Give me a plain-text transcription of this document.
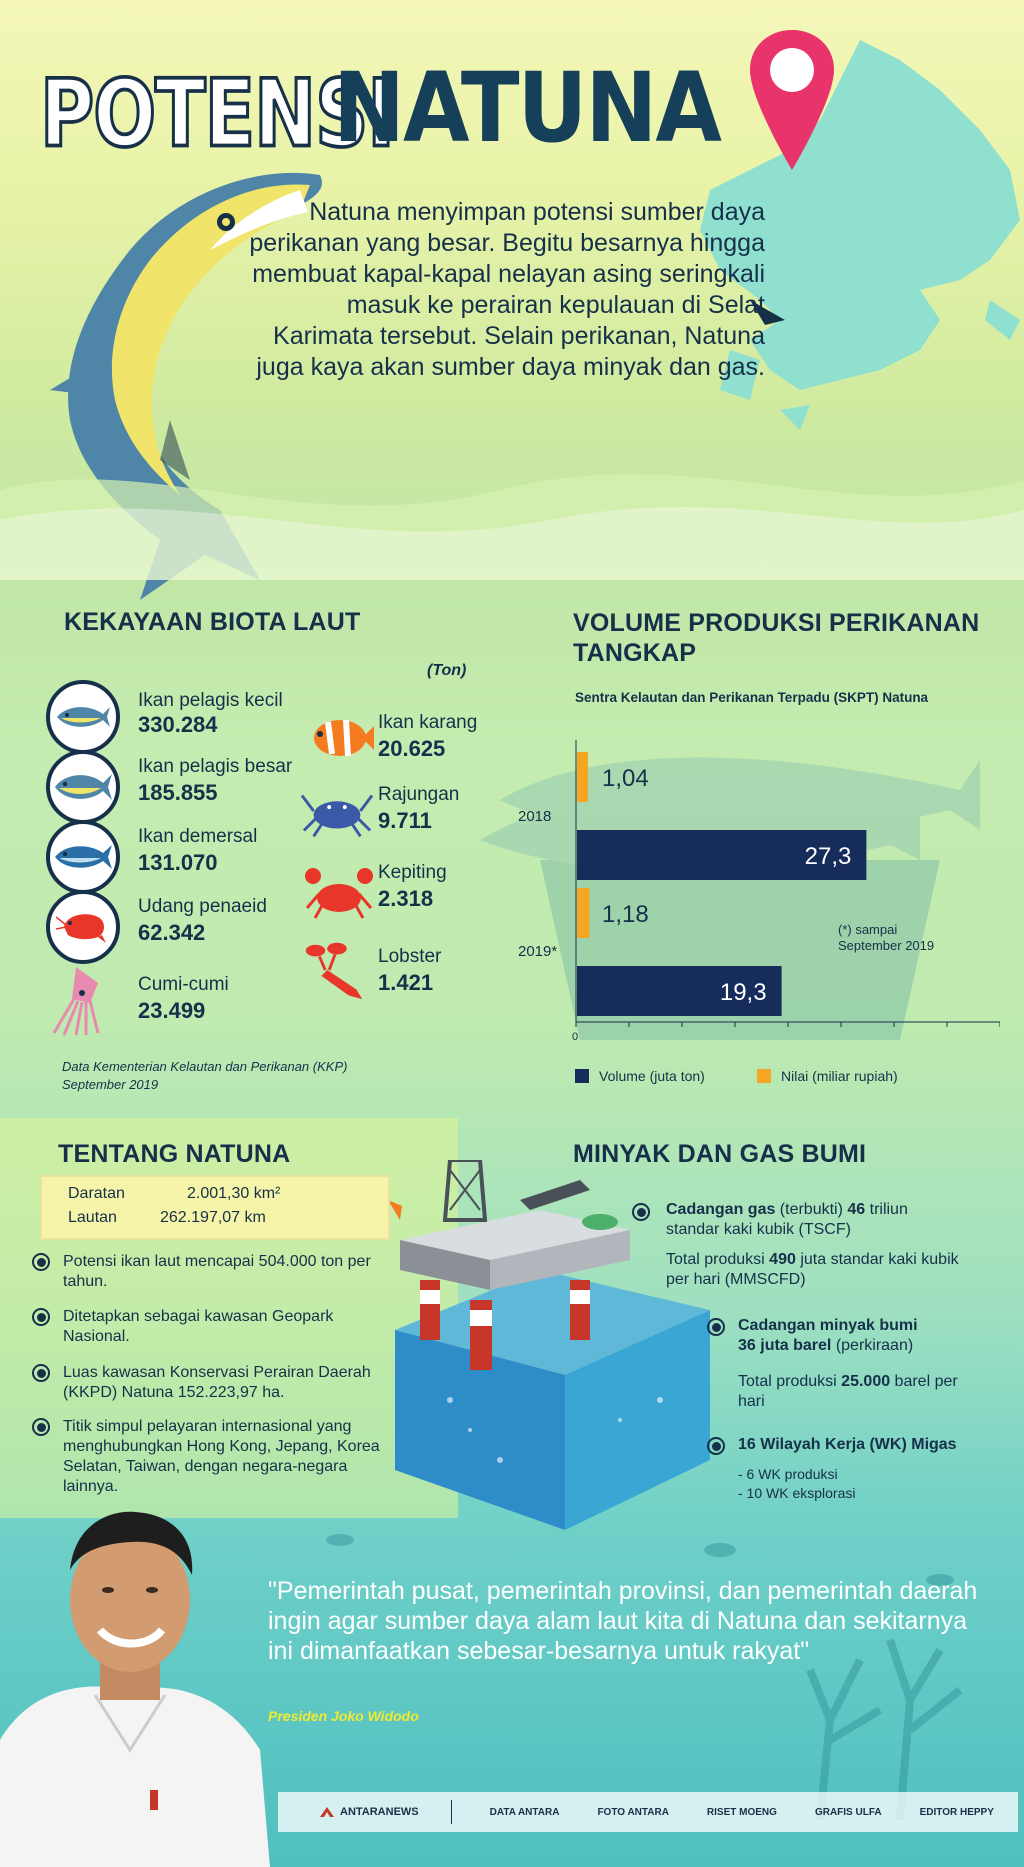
POTENSI
NATUNA
Natuna menyimpan potensi sumber daya perikanan yang besar. Begitu besarnya hingga membuat kapal-kapal nelayan asing seringkali masuk ke perairan kepulauan di Selat Karimata tersebut. Selain perikanan, Natuna juga kaya akan sumber daya minyak dan gas.
KEKAYAAN BIOTA LAUT
(Ton)
Ikan pelagis kecil
330.284
Ikan pelagis besar
185.855
Ikan demersal
131.070
Udang penaeid
62.342
Cumi-cumi
23.499
Ikan karang
20.625
Rajungan
9.711
Kepiting
2.318
Lobster
1.421
Data Kementerian Kelautan dan Perikanan (KKP)
September 2019
VOLUME PRODUKSI PERIKANAN TANGKAP
Sentra Kelautan dan Perikanan Terpadu (SKPT) Natuna
1,04
27,3
1,18
19,3
2018
2019*
0
(*) sampai September 2019
Volume (juta ton)	Nilai (miliar rupiah)
TENTANG NATUNA
Daratan	2.001,30 km²
Lautan	262.197,07 km
Potensi ikan laut mencapai 504.000 ton per tahun.
Ditetapkan sebagai kawasan Geopark Nasional.
Luas kawasan Konservasi Perairan Daerah (KKPD) Natuna 152.223,97 ha.
Titik simpul pelayaran internasional yang menghubungkan Hong Kong, Jepang, Korea Selatan, Taiwan, dengan negara-negara lainnya.
MINYAK DAN GAS BUMI
Cadangan gas (terbukti) 46 triliun standar kaki kubik (TSCF)
Total produksi 490 juta standar kaki kubik per hari (MMSCFD)
Cadangan minyak bumi
36 juta barel (perkiraan)
Total produksi 25.000 barel per hari
16 Wilayah Kerja (WK) Migas
- 6 WK produksi
- 10 WK eksplorasi
"Pemerintah pusat, pemerintah provinsi, dan pemerintah daerah ingin agar sumber daya alam laut kita di Natuna dan sekitarnya ini dimanfaatkan sebesar-besarnya untuk rakyat"
Presiden Joko Widodo
ANTARANEWS	DATA ANTARA	FOTO ANTARA	RISET MOENG	GRAFIS ULFA	EDITOR HEPPY
